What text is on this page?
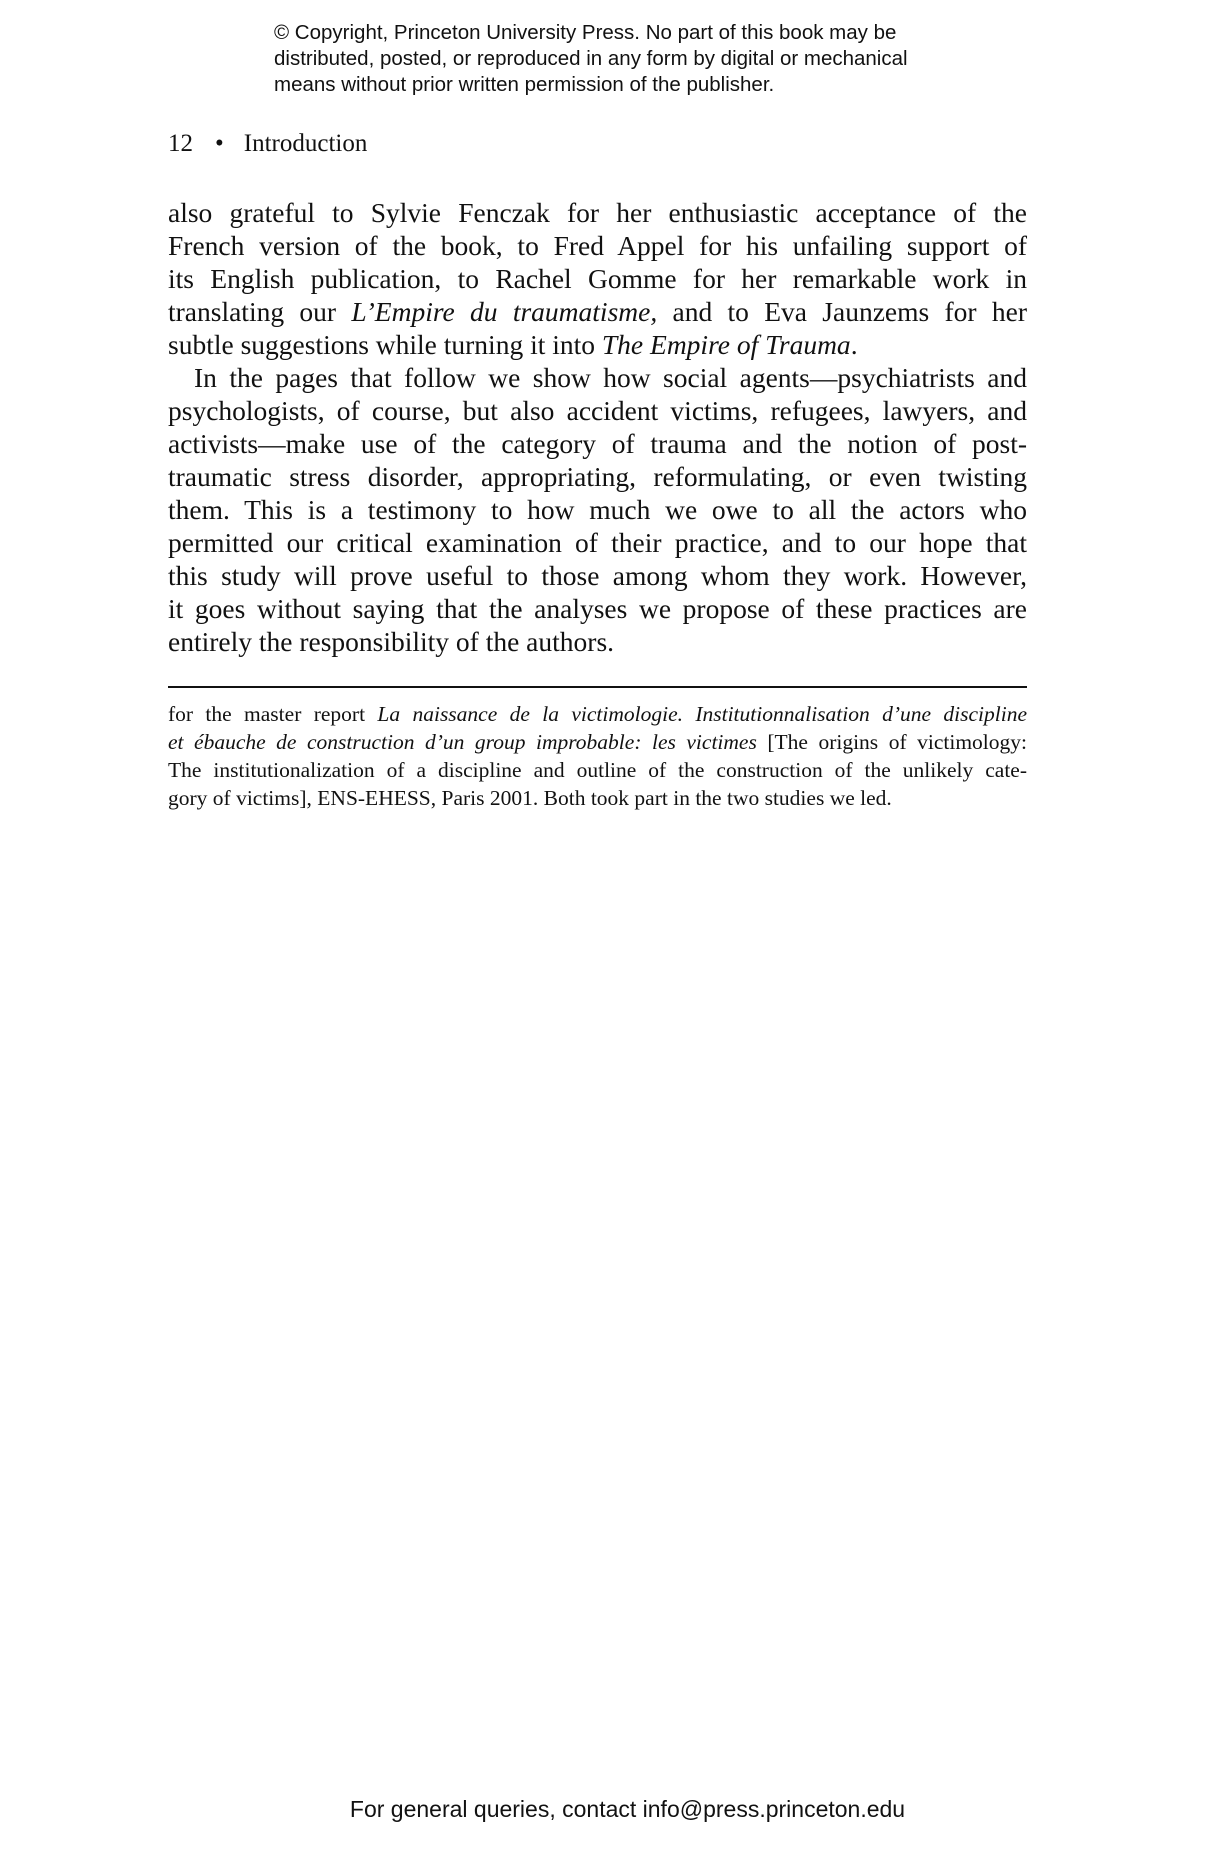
© Copyright, Princeton University Press. No part of this book may be
distributed, posted, or reproduced in any form by digital or mechanical
means without prior written permission of the publisher.
12 • Introduction
also grateful to Sylvie Fenczak for her enthusiastic acceptance of the
French version of the book, to Fred Appel for his unfailing support of
its English publication, to Rachel Gomme for her remarkable work in
translating our L’Empire du traumatisme, and to Eva Jaunzems for her
subtle suggestions while turning it into The Empire of Trauma.
In the pages that follow we show how social agents—psychiatrists and
psychologists, of course, but also accident victims, refugees, lawyers, and
activists—make use of the category of trauma and the notion of post-
traumatic stress disorder, appropriating, reformulating, or even twisting
them. This is a testimony to how much we owe to all the actors who
permitted our critical examination of their practice, and to our hope that
this study will prove useful to those among whom they work. However,
it goes without saying that the analyses we propose of these practices are
entirely the responsibility of the authors.
for the master report La naissance de la victimologie. Institutionnalisation d’une discipline
et ébauche de construction d’un group improbable: les victimes [The origins of victimology:
The institutionalization of a discipline and outline of the construction of the unlikely cate-
gory of victims], ENS-EHESS, Paris 2001. Both took part in the two studies we led.
For general queries, contact info@press.princeton.edu
